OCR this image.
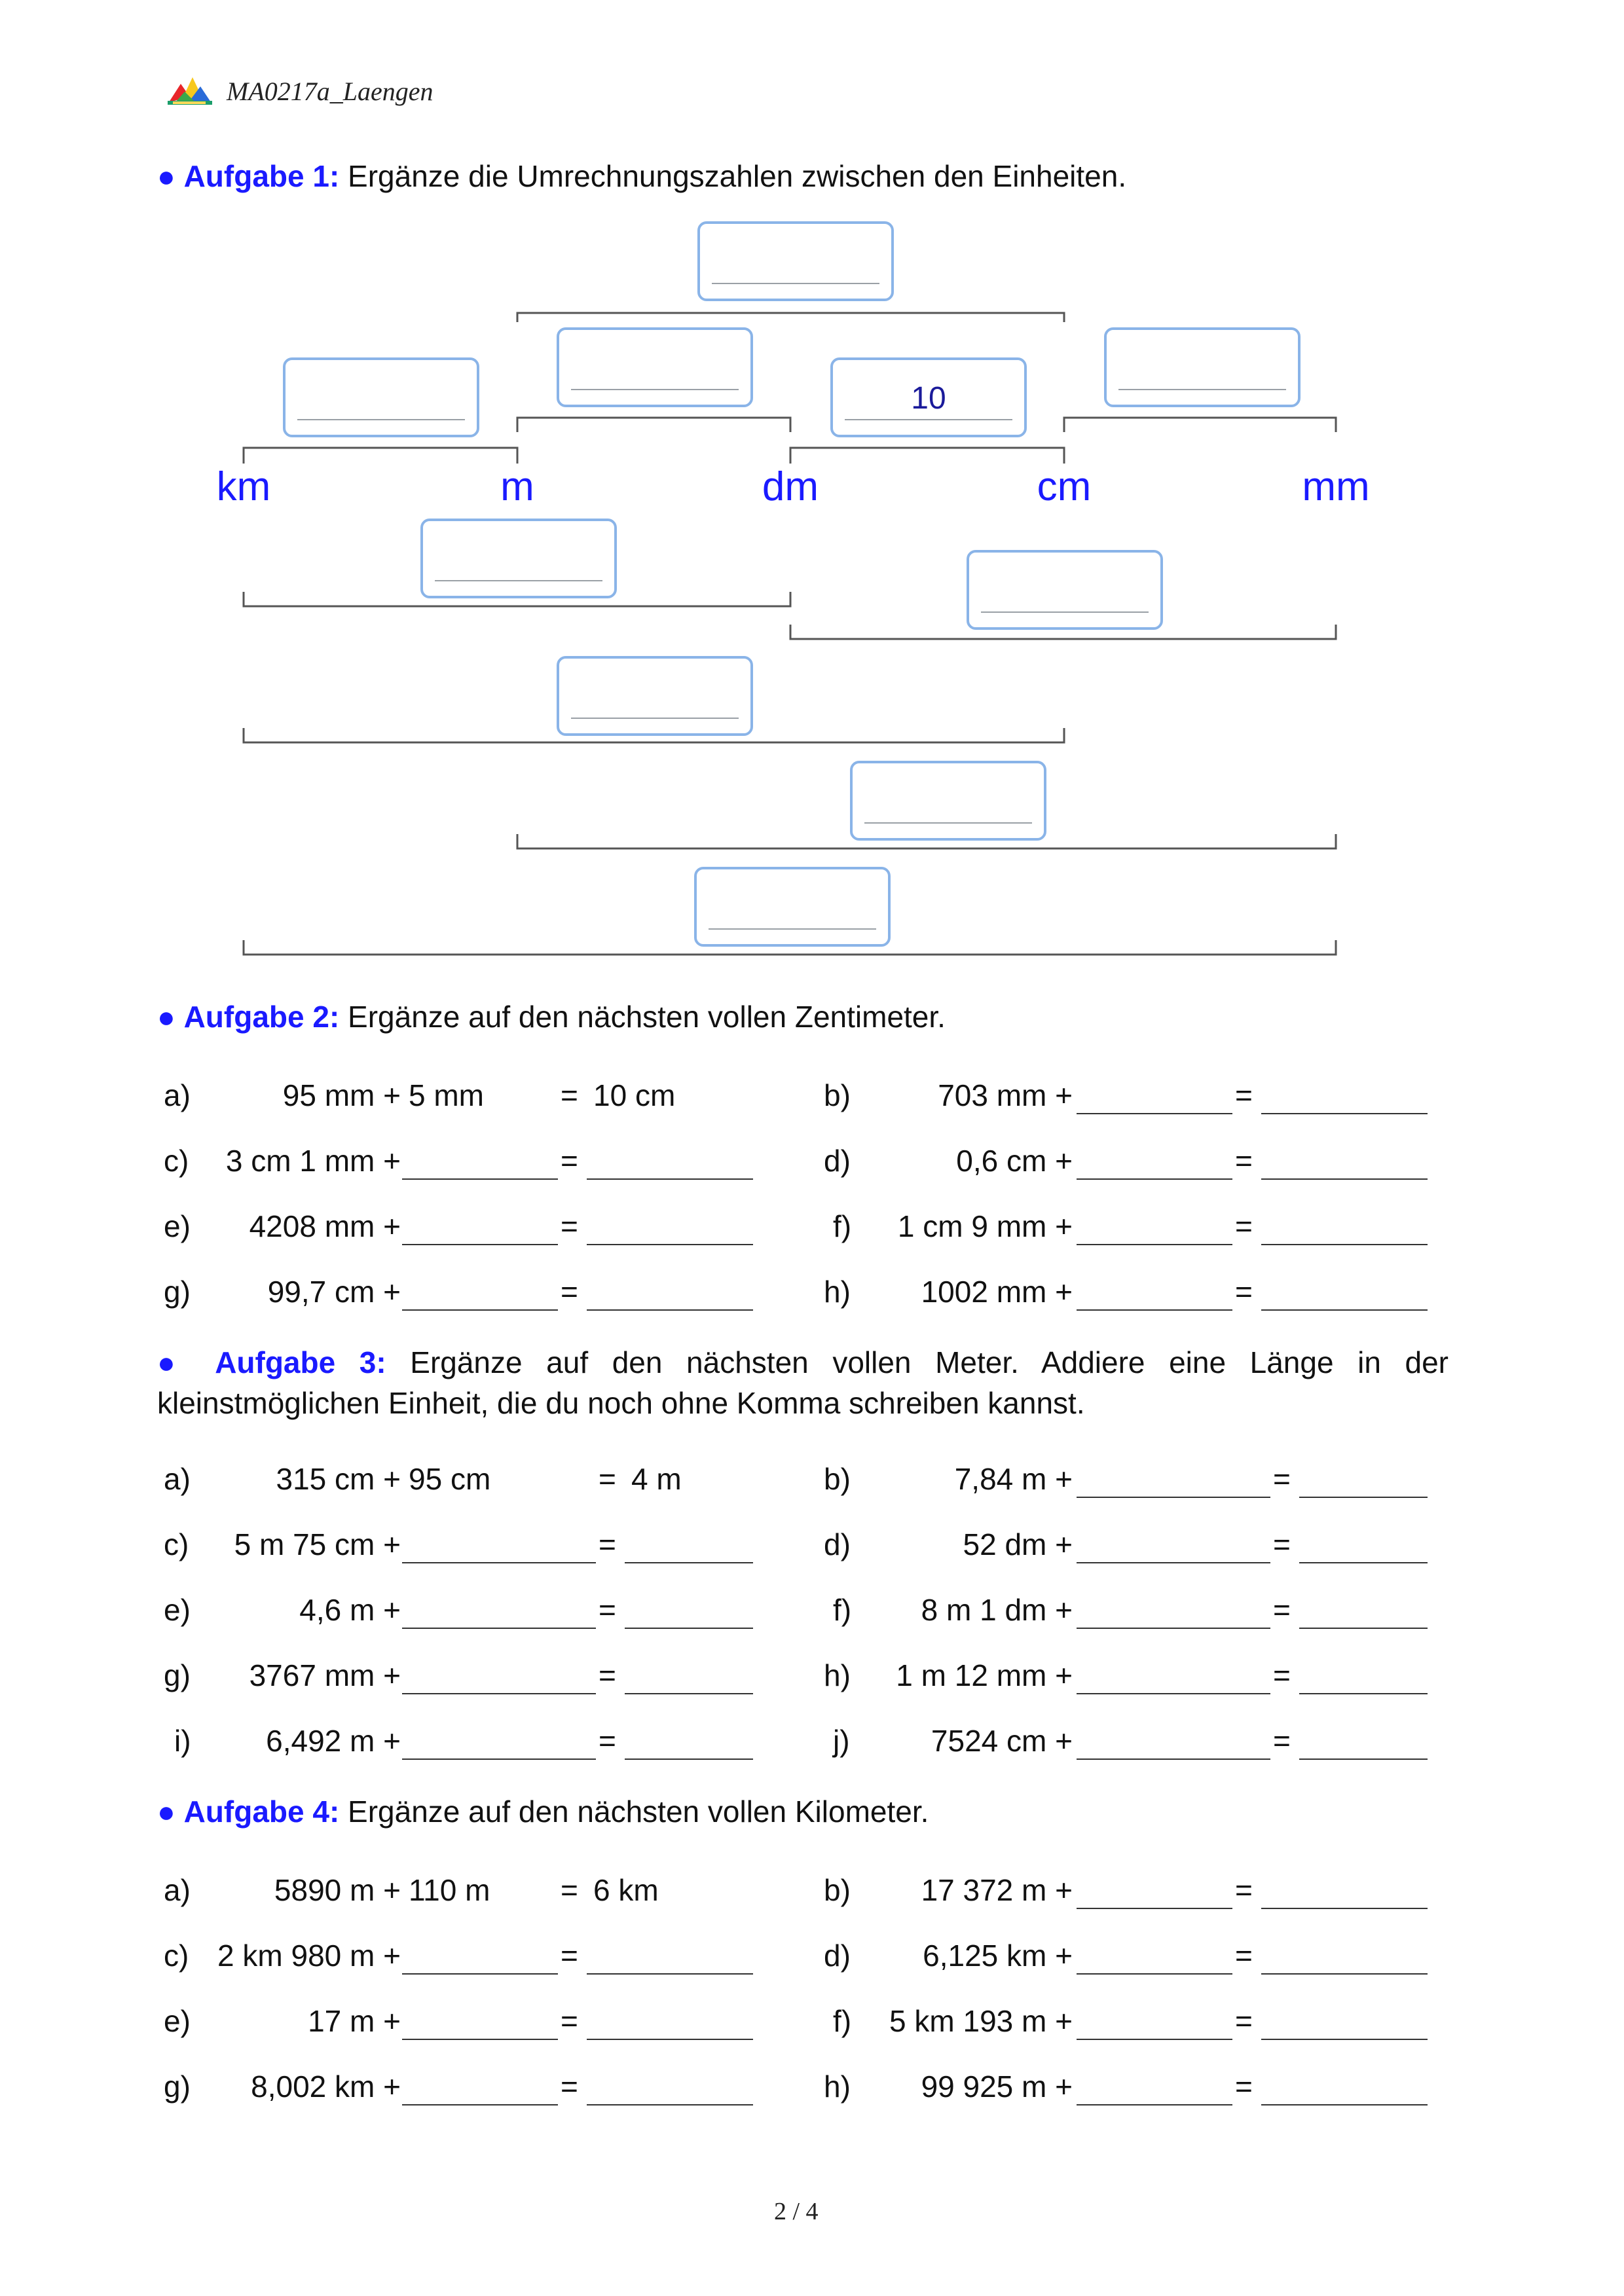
MA0217a_Laengen
● Aufgabe 1: Ergänze die Umrechnungszahlen zwischen den Einheiten.
10
km	m	dm	cm	mm
● Aufgabe 2: Ergänze auf den nächsten vollen Zentimeter.
a)	95 mm + 5 mm	= 10 cm	b)	703 mm +	=
c)	3 cm 1 mm +	=	d)	0,6 cm +	=
e)	4208 mm +	=	f)	1 cm 9 mm +	=
g)	99,7 cm +	=	h)	1002 mm +	=
● Aufgabe 3: Ergänze auf den nächsten vollen Meter. Addiere eine Länge in der kleinstmöglichen Einheit, die du noch ohne Komma schreiben kannst.
a)	315 cm + 95 cm	= 4 m	b)	7,84 m +	=
c)	5 m 75 cm +	=	d)	52 dm +	=
e)	4,6 m +	=	f)	8 m 1 dm +	=
g)	3767 mm +	=	h)	1 m 12 mm +	=
i)	6,492 m +	=	j)	7524 cm +	=
● Aufgabe 4: Ergänze auf den nächsten vollen Kilometer.
a)	5890 m + 110 m = 6 km	b)	17 372 m +	=
c) 2 km 980 m +	=	d)	6,125 km +	=
e)	17 m +	=	f)	5 km 193 m +	=
g)	8,002 km +	=	h)	99 925 m +	=
2 / 4
